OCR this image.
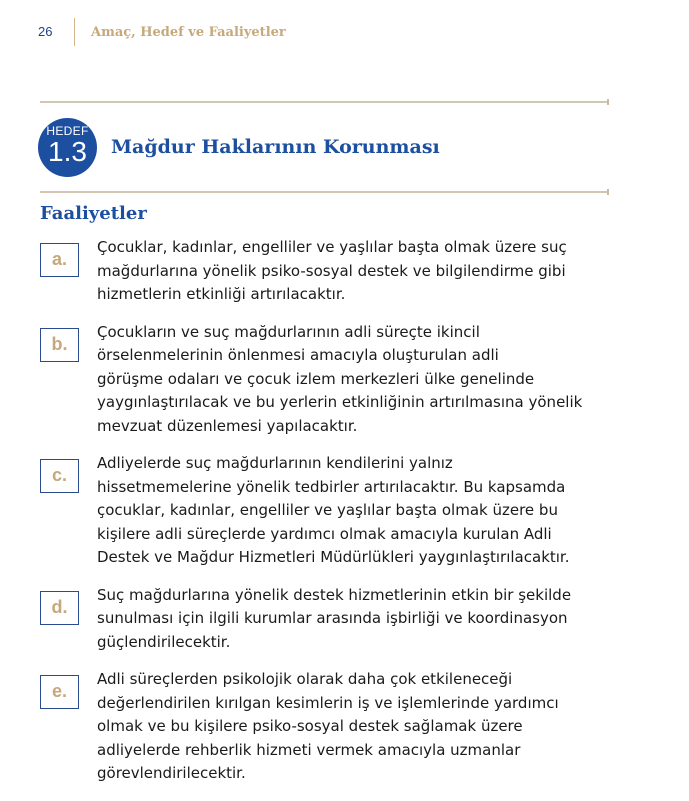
26	Amaç, Hedef ve Faaliyetler
HEDEF
1.3	Mağdur Haklarının Korunması
Faaliyetler
a.
Çocuklar, kadınlar, engelliler ve yaşlılar başta olmak üzere suç
mağdurlarına yönelik psiko-sosyal destek ve bilgilendirme gibi
hizmetlerin etkinliği artırılacaktır.
b.
Çocukların ve suç mağdurlarının adli süreçte ikincil
örselenmelerinin önlenmesi amacıyla oluşturulan adli
görüşme odaları ve çocuk izlem merkezleri ülke genelinde
yaygınlaştırılacak ve bu yerlerin etkinliğinin artırılmasına yönelik
mevzuat düzenlemesi yapılacaktır.
c.
Adliyelerde suç mağdurlarının kendilerini yalnız
hissetmemelerine yönelik tedbirler artırılacaktır. Bu kapsamda
çocuklar, kadınlar, engelliler ve yaşlılar başta olmak üzere bu
kişilere adli süreçlerde yardımcı olmak amacıyla kurulan Adli
Destek ve Mağdur Hizmetleri Müdürlükleri yaygınlaştırılacaktır.
d.
Suç mağdurlarına yönelik destek hizmetlerinin etkin bir şekilde
sunulması için ilgili kurumlar arasında işbirliği ve koordinasyon
güçlendirilecektir.
e.
Adli süreçlerden psikolojik olarak daha çok etkileneceği
değerlendirilen kırılgan kesimlerin iş ve işlemlerinde yardımcı
olmak ve bu kişilere psiko-sosyal destek sağlamak üzere
adliyelerde rehberlik hizmeti vermek amacıyla uzmanlar
görevlendirilecektir.
